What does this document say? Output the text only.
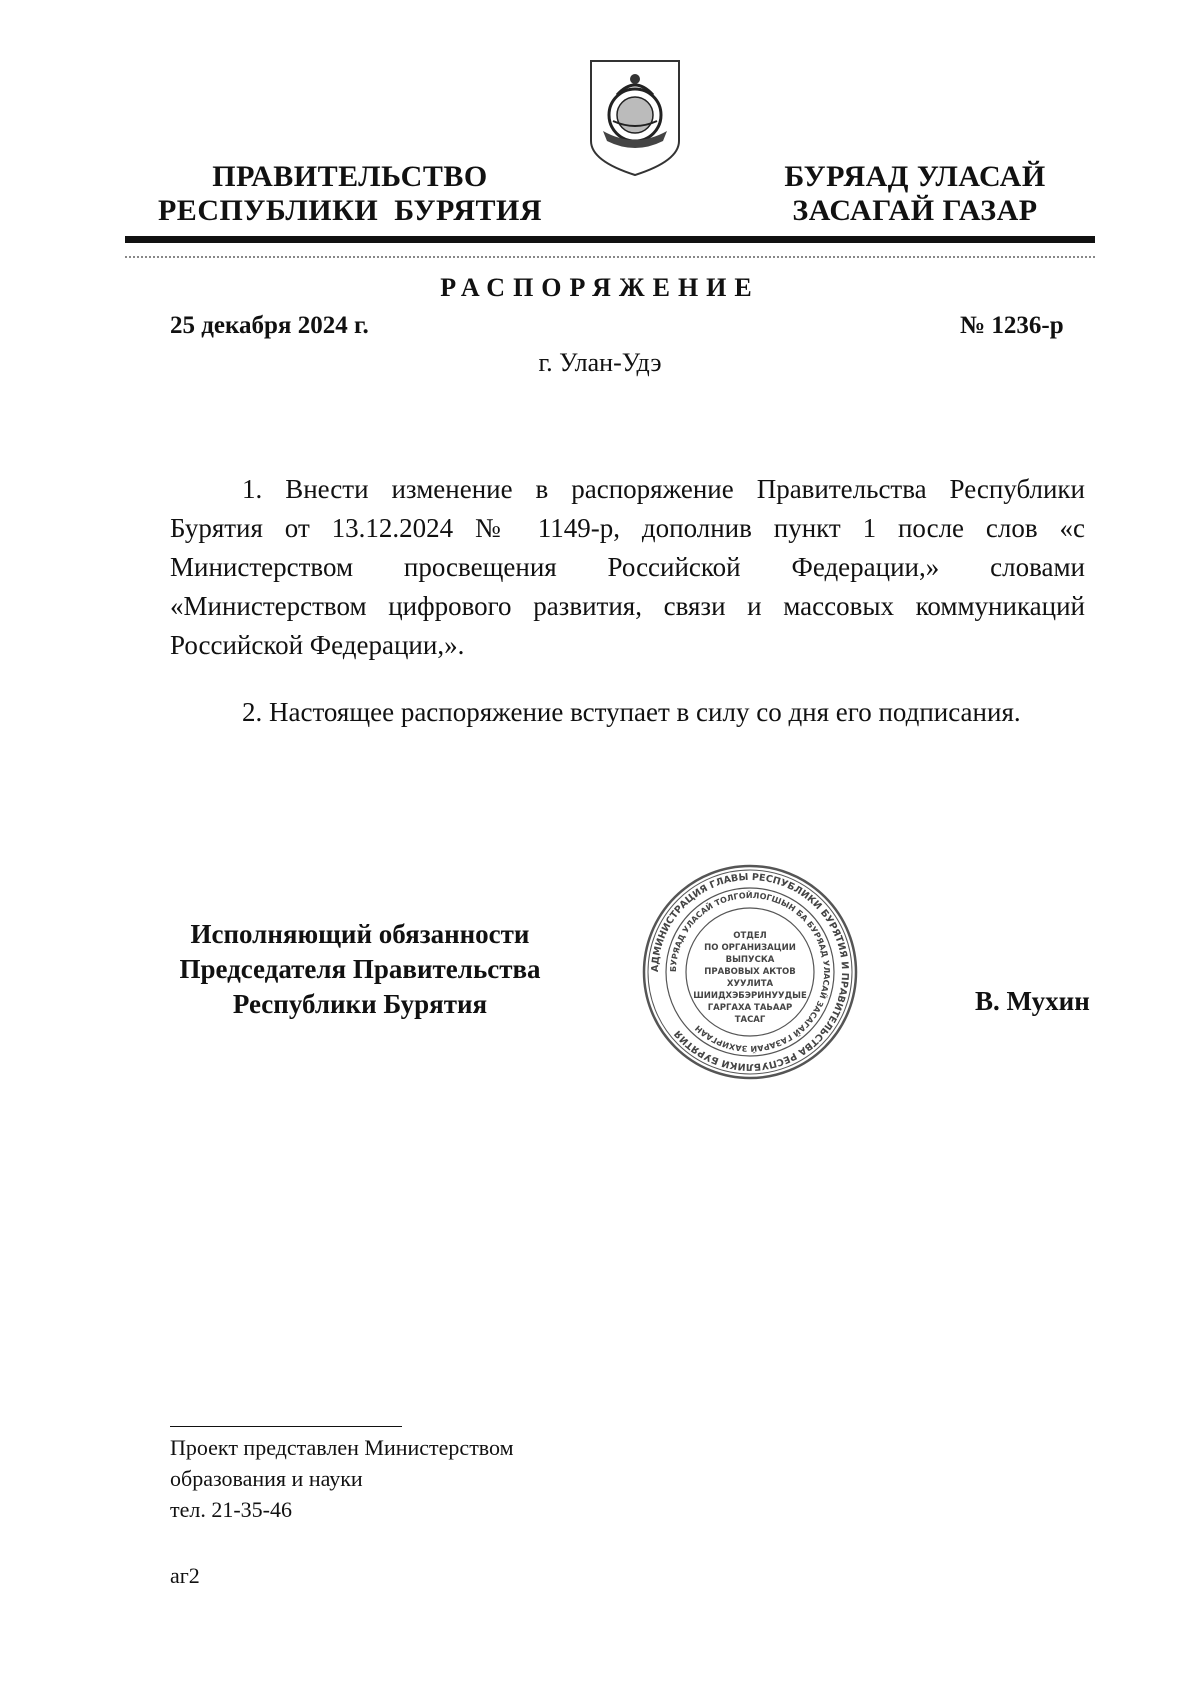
ПРАВИТЕЛЬСТВО
РЕСПУБЛИКИ  БУРЯТИЯ
БУРЯАД УЛАСАЙ
ЗАСАГАЙ ГАЗАР
РАСПОРЯЖЕНИЕ
25 декабря 2024 г.	№ 1236-р
г. Улан-Удэ
1. Внести изменение в распоряжение Правительства Республики Бурятия от 13.12.2024 № 1149-р, дополнив пункт 1 после слов «с Министерством просвещения Российской Федерации,» словами «Министерством цифрового развития, связи и массовых коммуникаций Российской Федерации,».
2. Настоящее распоряжение вступает в силу со дня его подписания.
Исполняющий обязанности
Председателя Правительства
Республики Бурятия
АДМИНИСТРАЦИЯ ГЛАВЫ РЕСПУБЛИКИ БУРЯТИЯ И ПРАВИТЕЛЬСТВА РЕСПУБЛИКИ БУРЯТИЯ
БУРЯАД УЛАСАЙ ТОЛГОЙЛОГШЫН БА БУРЯАД УЛАСАЙ ЗАСАГАЙ ГАЗАРАЙ ЗАХИРГААН
ОТДЕЛ
ПО ОРГАНИЗАЦИИ
ВЫПУСКА
ПРАВОВЫХ АКТОВ
ХУУЛИТА
ШИИДХЭБЭРИНУУДЫЕ
ГАРГАХА ТАЬААР
ТАСАГ
В. Мухин
Проект представлен Министерством
образования и науки
тел. 21-35-46
аг2
